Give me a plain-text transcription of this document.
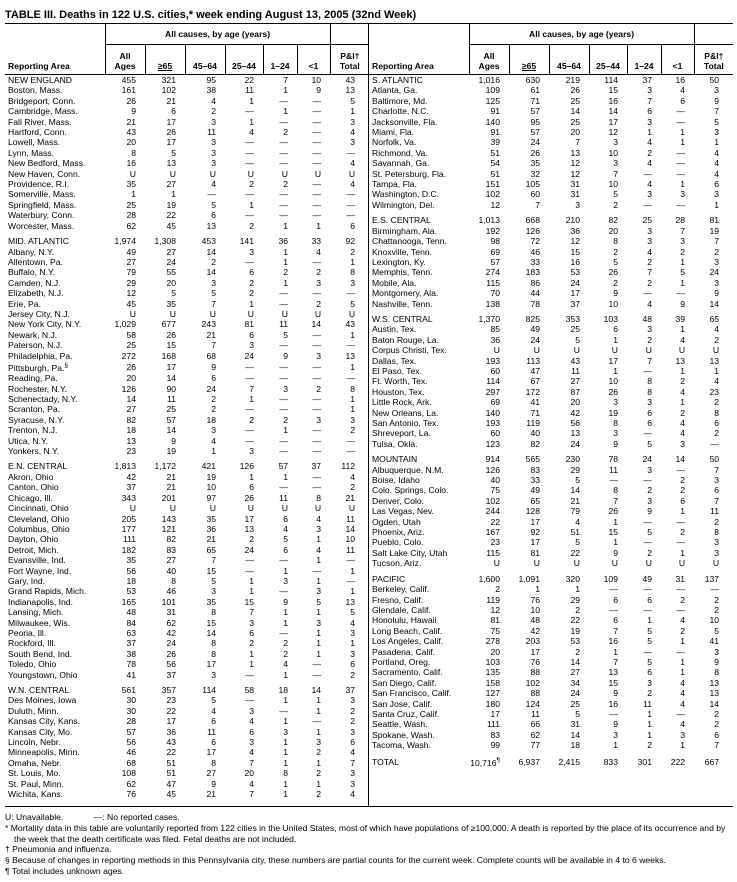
TABLE III. Deaths in 122 U.S. cities,* week ending August 13, 2005 (32nd Week)
Reporting Area	All causes, by age (years)						

	All
Ages	≥65	45–64	25–44	1–24	<1	P&I†
Total

NEW ENGLAND	455	321	95	22	7	10	43
Boston, Mass.	161	102	38	11	1	9	13
Bridgeport, Conn.	26	21	4	1	—	—	5
Cambridge, Mass.	9	6	2	—	1	—	1
Fall River, Mass.	21	17	3	1	—	—	3
Hartford, Conn.	43	26	11	4	2	—	4
Lowell, Mass.	20	17	3	—	—	—	3
Lynn, Mass.	8	5	3	—	—	—	—
New Bedford, Mass.	16	13	3	—	—	—	4
New Haven, Conn.	U	U	U	U	U	U	U
Providence, R.I.	35	27	4	2	2	—	4
Somerville, Mass.	1	1	—	—	—	—	—
Springfield, Mass.	25	19	5	1	—	—	—
Waterbury, Conn.	28	22	6	—	—	—	—
Worcester, Mass.	62	45	13	2	1	1	6
MID. ATLANTIC	1,974	1,308	453	141	36	33	92
Albany, N.Y.	49	27	14	3	1	4	2
Allentown, Pa.	27	24	2	—	1	—	1
Buffalo, N.Y.	79	55	14	6	2	2	8
Camden, N.J.	29	20	3	2	1	3	3
Elizabeth, N.J.	12	5	5	2	—	—	—
Erie, Pa.	45	35	7	1	—	2	5
Jersey City, N.J.	U	U	U	U	U	U	U
New York City, N.Y.	1,029	677	243	81	11	14	43
Newark, N.J.	58	26	21	6	5	—	1
Paterson, N.J.	25	15	7	3	—	—	—
Philadelphia, Pa.	272	168	68	24	9	3	13
Pittsburgh, Pa.§	26	17	9	—	—	—	1
Reading, Pa.	20	14	6	—	—	—	—
Rochester, N.Y.	126	90	24	7	3	2	8
Schenectady, N.Y.	14	11	2	1	—	—	1
Scranton, Pa.	27	25	2	—	—	—	1
Syracuse, N.Y.	82	57	18	2	2	3	3
Trenton, N.J.	18	14	3	—	1	—	2
Utica, N.Y.	13	9	4	—	—	—	—
Yonkers, N.Y.	23	19	1	3	—	—	—
E.N. CENTRAL	1,813	1,172	421	126	57	37	112
Akron, Ohio	42	21	19	1	1	—	4
Canton, Ohio	37	21	10	6	—	—	2
Chicago, Ill.	343	201	97	26	11	8	21
Cincinnati, Ohio	U	U	U	U	U	U	U
Cleveland, Ohio	205	143	35	17	6	4	11
Columbus, Ohio	177	121	36	13	4	3	14
Dayton, Ohio	111	82	21	2	5	1	10
Detroit, Mich.	182	83	65	24	6	4	11
Evansville, Ind.	35	27	7	—	—	1	—
Fort Wayne, Ind.	56	40	15	—	1	—	1
Gary, Ind.	18	8	5	1	3	1	—
Grand Rapids, Mich.	53	46	3	1	—	3	1
Indianapolis, Ind.	165	101	35	15	9	5	13
Lansing, Mich.	48	31	8	7	1	1	5
Milwaukee, Wis.	84	62	15	3	1	3	4
Peoria, Ill.	63	42	14	6	—	1	3
Rockford, Ill.	37	24	8	2	2	1	1
South Bend, Ind.	38	26	8	1	2	1	3
Toledo, Ohio	78	56	17	1	4	—	6
Youngstown, Ohio	41	37	3	—	1	—	2
W.N. CENTRAL	561	357	114	58	18	14	37
Des Moines, Iowa	30	23	5	—	1	1	3
Duluth, Minn.	30	22	4	3	—	1	2
Kansas City, Kans.	28	17	6	4	1	—	2
Kansas City, Mo.	57	36	11	6	3	1	3
Lincoln, Nebr.	56	43	6	3	1	3	6
Minneapolis, Minn.	46	22	17	4	1	2	4
Omaha, Nebr.	68	51	8	7	1	1	7
St. Louis, Mo.	108	51	27	20	8	2	3
St. Paul, Minn.	62	47	9	4	1	1	3
Wichita, Kans.	76	45	21	7	1	2	4
Reporting Area	All causes, by age (years)						

	All
Ages	≥65	45–64	25–44	1–24	<1	P&I†
Total

S. ATLANTIC	1,016	630	219	114	37	16	50
Atlanta, Ga.	109	61	26	15	3	4	3
Baltimore, Md.	125	71	25	16	7	6	9
Charlotte, N.C.	91	57	14	14	6	—	7
Jacksonville, Fla.	140	95	25	17	3	—	5
Miami, Fla.	91	57	20	12	1	1	3
Norfolk, Va.	39	24	7	3	4	1	1
Richmond, Va.	51	26	13	10	2	—	4
Savannah, Ga.	54	35	12	3	4	—	4
St. Petersburg, Fla.	51	32	12	7	—	—	4
Tampa, Fla.	151	105	31	10	4	1	6
Washington, D.C.	102	60	31	5	3	3	3
Wilmington, Del.	12	7	3	2	—	—	1
E.S. CENTRAL	1,013	668	210	82	25	28	81
Birmingham, Ala.	192	126	36	20	3	7	19
Chattanooga, Tenn.	98	72	12	8	3	3	7
Knoxville, Tenn.	69	46	15	2	4	2	2
Lexington, Ky.	57	33	16	5	2	1	3
Memphis, Tenn.	274	183	53	26	7	5	24
Mobile, Ala.	115	86	24	2	2	1	3
Montgomery, Ala.	70	44	17	9	—	—	9
Nashville, Tenn.	138	78	37	10	4	9	14
W.S. CENTRAL	1,370	825	353	103	48	39	65
Austin, Tex.	85	49	25	6	3	1	4
Baton Rouge, La.	36	24	5	1	2	4	2
Corpus Christi, Tex.	U	U	U	U	U	U	U
Dallas, Tex.	193	113	43	17	7	13	13
El Paso, Tex.	60	47	11	1	—	1	1
Ft. Worth, Tex.	114	67	27	10	8	2	4
Houston, Tex.	297	172	87	26	8	4	23
Little Rock, Ark.	69	41	20	3	3	1	2
New Orleans, La.	140	71	42	19	6	2	8
San Antonio, Tex.	193	119	56	8	6	4	6
Shreveport, La.	60	40	13	3	—	4	2
Tulsa, Okla.	123	82	24	9	5	3	—
MOUNTAIN	914	565	230	78	24	14	50
Albuquerque, N.M.	126	83	29	11	3	—	7
Boise, Idaho	40	33	5	—	—	2	3
Colo. Springs, Colo.	75	49	14	8	2	2	6
Denver, Colo.	102	65	21	7	3	6	7
Las Vegas, Nev.	244	128	79	26	9	1	11
Ogden, Utah	22	17	4	1	—	—	2
Phoenix, Ariz.	167	92	51	15	5	2	8
Pueblo, Colo.	23	17	5	1	—	—	3
Salt Lake City, Utah	115	81	22	9	2	1	3
Tucson, Ariz.	U	U	U	U	U	U	U
PACIFIC	1,600	1,091	320	109	49	31	137
Berkeley, Calif.	2	1	1	—	—	—	—
Fresno, Calif.	119	76	29	6	6	2	2
Glendale, Calif.	12	10	2	—	—	—	2
Honolulu, Hawaii	81	48	22	6	1	4	10
Long Beach, Calif.	75	42	19	7	5	2	5
Los Angeles, Calif.	278	203	53	16	5	1	41
Pasadena, Calif.	20	17	2	1	—	—	3
Portland, Oreg.	103	76	14	7	5	1	9
Sacramento, Calif.	135	88	27	13	6	1	8
San Diego, Calif.	158	102	34	15	3	4	13
San Francisco, Calif.	127	88	24	9	2	4	13
San Jose, Calif.	180	124	25	16	11	4	14
Santa Cruz, Calif.	17	11	5	—	1	—	2
Seattle, Wash.	111	66	31	9	1	4	2
Spokane, Wash.	83	62	14	3	1	3	6
Tacoma, Wash.	99	77	18	1	2	1	7
TOTAL	10,716¶	6,937	2,415	833	301	222	667
U: Unavailable.	—: No reported cases.
* Mortality data in this table are voluntarily reported from 122 cities in the United States, most of which have populations of ≥100,000. A death is reported by the place of its occurrence and by the week that the death certificate was filed. Fetal deaths are not included.
† Pneumonia and influenza.
§ Because of changes in reporting methods in this Pennsylvania city, these numbers are partial counts for the current week. Complete counts will be available in 4 to 6 weeks.
¶ Total includes unknown ages.
